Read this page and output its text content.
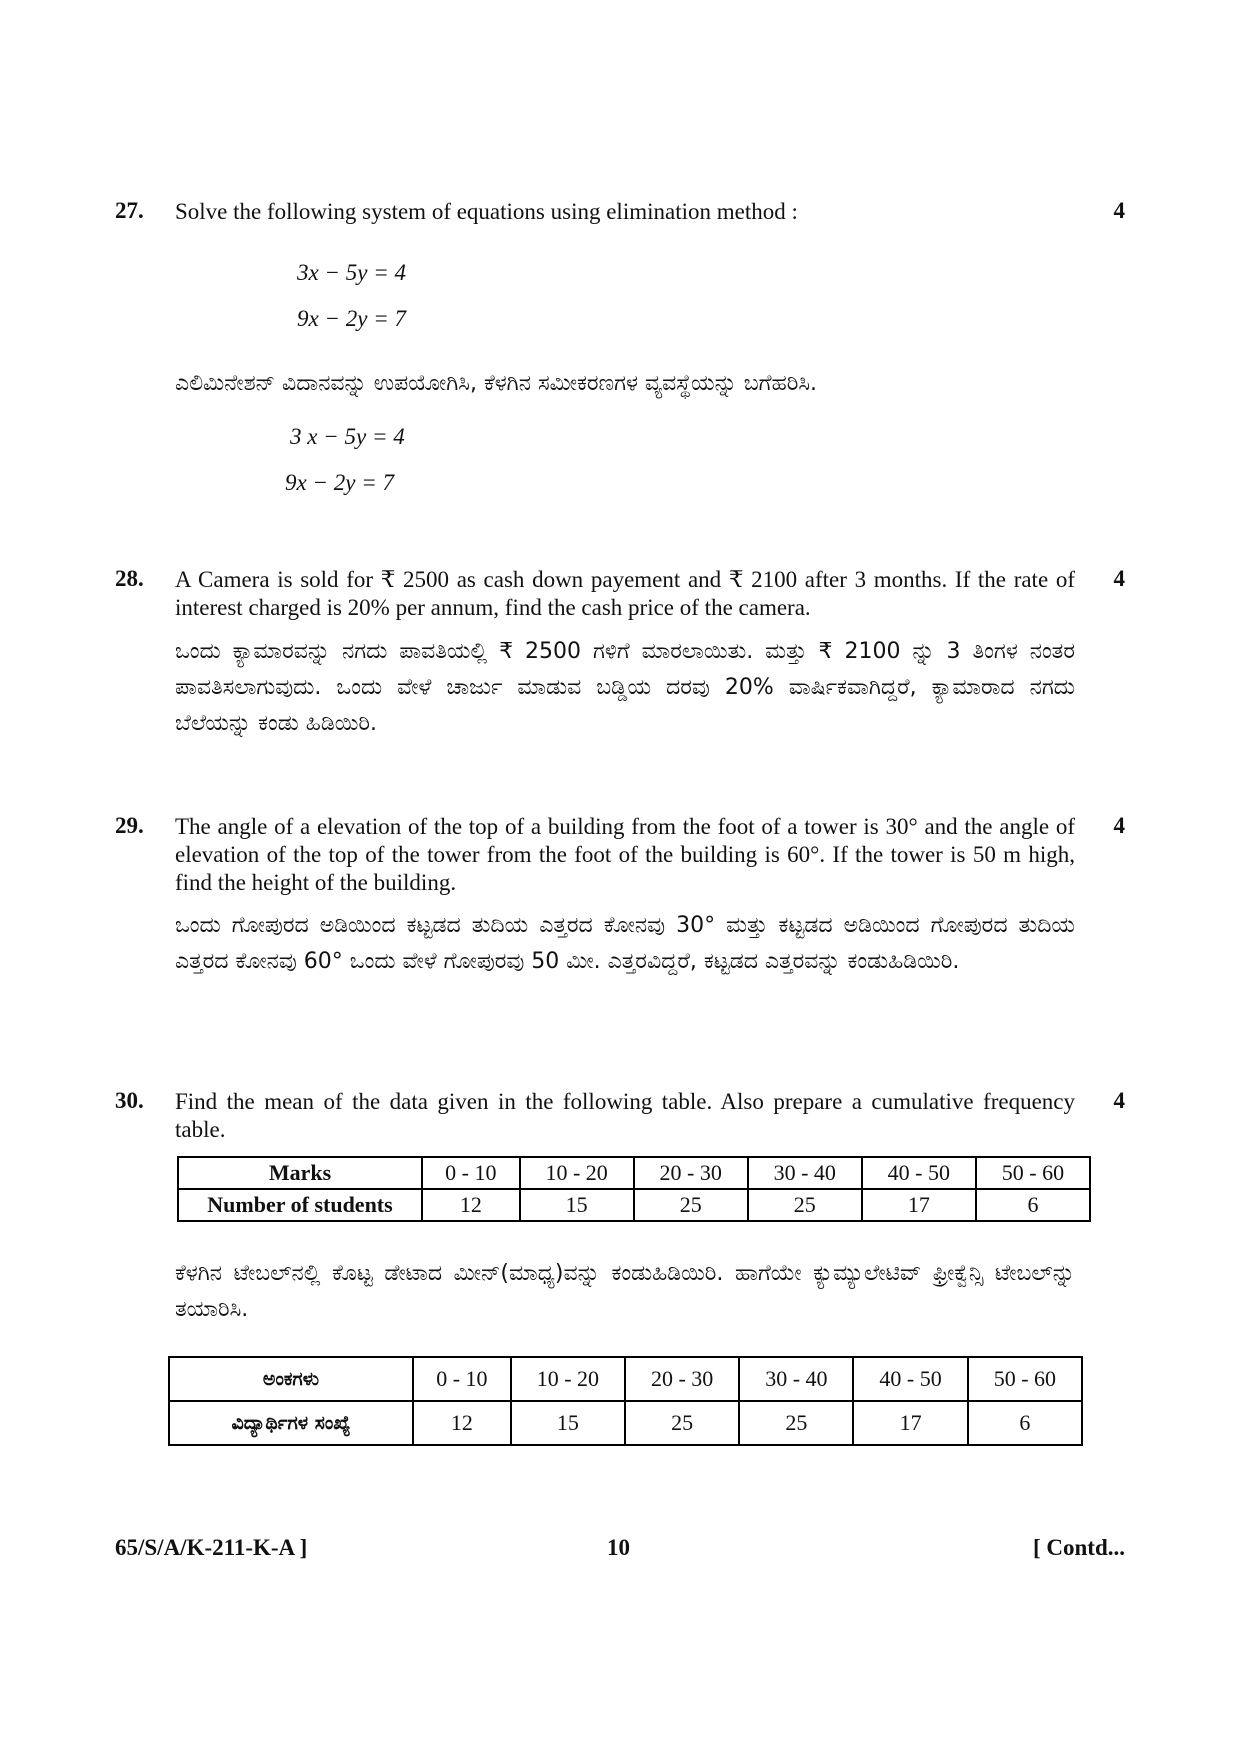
27.	4
Solve the following system of equations using elimination method :
3x − 5y = 4
9x − 2y = 7
ಎಲಿಮಿನೇಶನ್ ವಿದಾನವನ್ನು ಉಪಯೋಗಿಸಿ, ಕೆಳಗಿನ ಸಮೀಕರಣಗಳ ವ್ಯವಸ್ಥೆಯನ್ನು ಬಗೆಹರಿಸಿ.
3 x − 5y = 4
9x − 2y = 7
28.	4
A Camera is sold for ₹ 2500 as cash down payement and ₹ 2100 after 3 months. If the rate of interest charged is 20% per annum, find the cash price of the camera.
ಒಂದು ಕ್ಯಾಮಾರವನ್ನು ನಗದು ಪಾವತಿಯಲ್ಲಿ ₹ 2500 ಗಳಿಗೆ ಮಾರಲಾಯಿತು. ಮತ್ತು ₹ 2100 ನ್ನು 3 ತಿಂಗಳ ನಂತರ ಪಾವತಿಸಲಾಗುವುದು. ಒಂದು ವೇಳೆ ಚಾರ್ಜು ಮಾಡುವ ಬಡ್ಡಿಯ ದರವು 20% ವಾರ್ಷಿಕವಾಗಿದ್ದರೆ, ಕ್ಯಾಮಾರಾದ ನಗದು ಬೆಲೆಯನ್ನು ಕಂಡು ಹಿಡಿಯಿರಿ.
29.	4
The angle of a elevation of the top of a building from the foot of a tower is 30° and the angle of elevation of the top of the tower from the foot of the building is 60°. If the tower is 50 m high, find the height of the building.
ಒಂದು ಗೋಪುರದ ಅಡಿಯಿಂದ ಕಟ್ಟಡದ ತುದಿಯ ಎತ್ತರದ ಕೋನವು 30° ಮತ್ತು ಕಟ್ಟಡದ ಅಡಿಯಿಂದ ಗೋಪುರದ ತುದಿಯ ಎತ್ತರದ ಕೋನವು 60° ಒಂದು ವೇಳೆ ಗೋಪುರವು 50 ಮೀ. ಎತ್ತರವಿದ್ದರೆ, ಕಟ್ಟಡದ ಎತ್ತರವನ್ನು ಕಂಡುಹಿಡಿಯಿರಿ.
30.	4
Find the mean of the data given in the following table. Also prepare a cumulative frequency table.
Marks	0 - 10	10 - 20	20 - 30	30 - 40	40 - 50	50 - 60
Number of students	12	15	25	25	17	6
ಕೆಳಗಿನ ಟೇಬಲ್‌ನಲ್ಲಿ ಕೊಟ್ಟ ಡೇಟಾದ ಮೀನ್(ಮಾಧ್ಯ)ವನ್ನು ಕಂಡುಹಿಡಿಯಿರಿ. ಹಾಗೆಯೇ ಕ್ಯುಮ್ಯುಲೇಟಿವ್ ಫ್ರೀಕ್ವೆನ್ಸಿ ಟೇಬಲ್‌ನ್ನು ತಯಾರಿಸಿ.
ಅಂಕಗಳು	0 - 10	10 - 20	20 - 30	30 - 40	40 - 50	50 - 60
ವಿದ್ಯಾರ್ಥಿಗಳ ಸಂಖ್ಯೆ	12	15	25	25	17	6
65/S/A/K-211-K-A ]	10	[ Contd...
